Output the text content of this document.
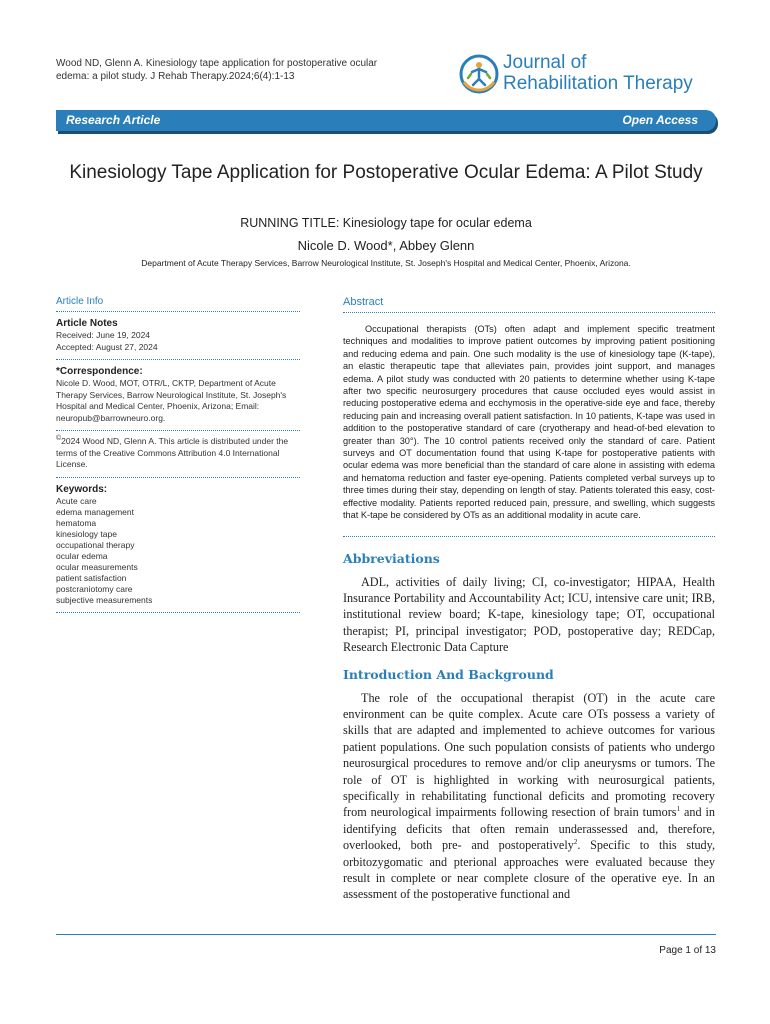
Wood ND, Glenn A. Kinesiology tape application for postoperative ocular edema: a pilot study. J Rehab Therapy.2024;6(4):1-13
Journal of
Rehabilitation Therapy
Research Article	Open Access
Kinesiology Tape Application for Postoperative Ocular Edema: A Pilot Study
RUNNING TITLE: Kinesiology tape for ocular edema
Nicole D. Wood*, Abbey Glenn
Department of Acute Therapy Services, Barrow Neurological Institute, St. Joseph's Hospital and Medical Center, Phoenix, Arizona.
Article Info
Article Notes
Received: June 19, 2024
Accepted: August 27, 2024
*Correspondence:
Nicole D. Wood, MOT, OTR/L, CKTP, Department of Acute Therapy Services, Barrow Neurological Institute, St. Joseph's Hospital and Medical Center, Phoenix, Arizona; Email: neuropub@barrowneuro.org.
©2024 Wood ND, Glenn A. This article is distributed under the terms of the Creative Commons Attribution 4.0 International License.
Keywords:
Acute care
edema management
hematoma
kinesiology tape
occupational therapy
ocular edema
ocular measurements
patient satisfaction
postcraniotomy care
subjective measurements
Abstract

Occupational therapists (OTs) often adapt and implement specific treatment techniques and modalities to improve patient outcomes by improving patient positioning and reducing edema and pain. One such modality is the use of kinesiology tape (K-tape), an elastic therapeutic tape that alleviates pain, provides joint support, and manages edema. A pilot study was conducted with 20 patients to determine whether using K-tape after two specific neurosurgery procedures that cause occluded eyes would assist in reducing postoperative edema and ecchymosis in the operative-side eye and face, thereby reducing pain and increasing overall patient satisfaction. In 10 patients, K-tape was used in addition to the postoperative standard of care (cryotherapy and head-of-bed elevation to greater than 30°). The 10 control patients received only the standard of care. Patient surveys and OT documentation found that using K-tape for postoperative patients with ocular edema was more beneficial than the standard of care alone in assisting with edema and hematoma reduction and faster eye-opening. Patients completed verbal surveys up to three times during their stay, depending on length of stay. Patients tolerated this easy, cost-effective modality. Patients reported reduced pain, pressure, and swelling, which suggests that K-tape be considered by OTs as an additional modality in acute care.

Abbreviations

ADL, activities of daily living; CI, co-investigator; HIPAA, Health Insurance Portability and Accountability Act; ICU, intensive care unit; IRB, institutional review board; K-tape, kinesiology tape; OT, occupational therapist; PI, principal investigator; POD, postoperative day; REDCap, Research Electronic Data Capture

Introduction And Background

The role of the occupational therapist (OT) in the acute care environment can be quite complex. Acute care OTs possess a variety of skills that are adapted and implemented to achieve outcomes for various patient populations. One such population consists of patients who undergo neurosurgical procedures to remove and/or clip aneurysms or tumors. The role of OT is highlighted in working with neurosurgical patients, specifically in rehabilitating functional deficits and promoting recovery from neurological impairments following resection of brain tumors$^1$ and in identifying deficits that often remain underassessed and, therefore, overlooked, both pre- and postoperatively$^2$. Specific to this study, orbitozygomatic and pterional approaches were evaluated because they result in complete or near complete closure of the operative eye. In an assessment of the postoperative functional and

Page 1 of 13
